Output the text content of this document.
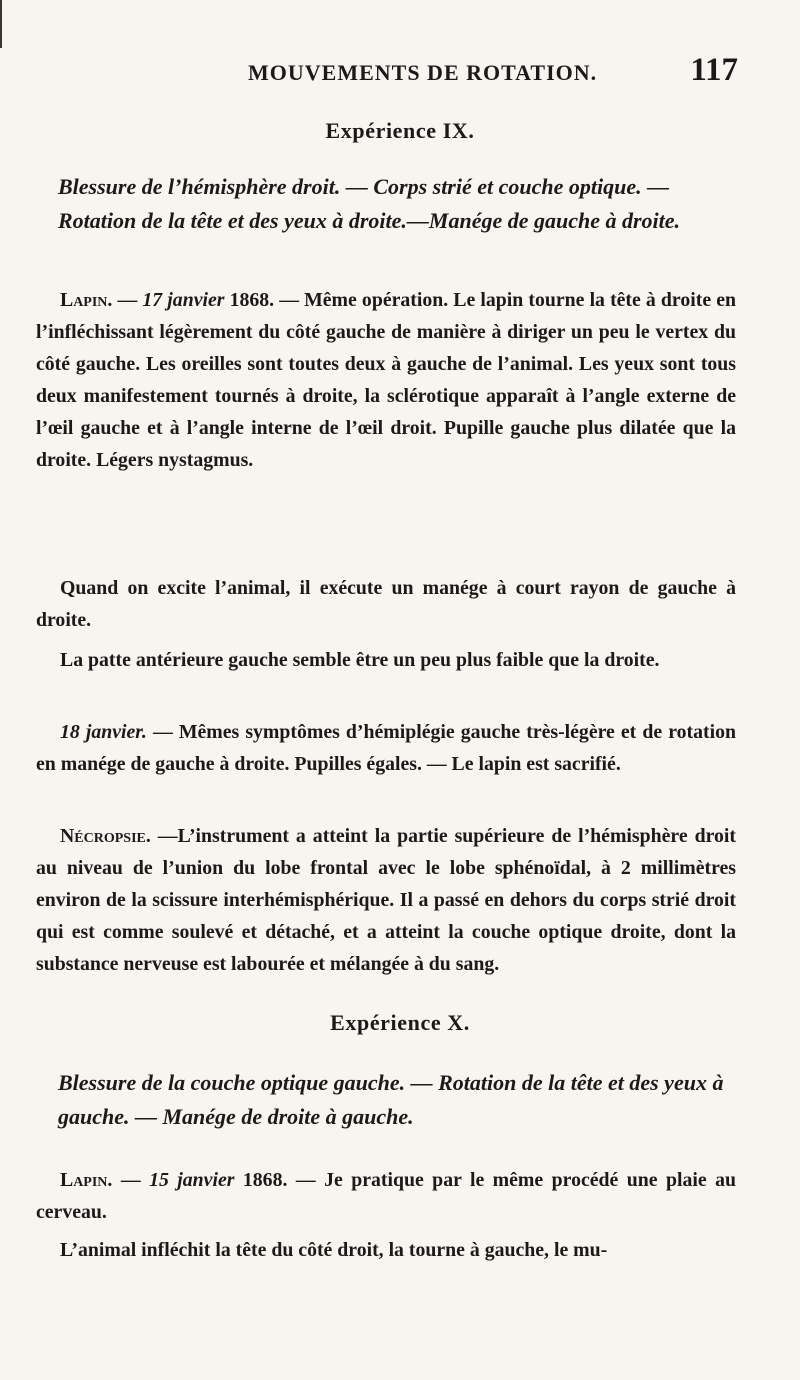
MOUVEMENTS DE ROTATION.	117
Expérience IX.
Blessure de l’hémisphère droit. — Corps strié et couche optique. — Rotation de la tête et des yeux à droite.—Manége de gauche à droite.
Lapin. — 17 janvier 1868. — Même opération. Le lapin tourne la tête à droite en l’infléchissant légèrement du côté gauche de manière à diriger un peu le vertex du côté gauche. Les oreilles sont toutes deux à gauche de l’animal. Les yeux sont tous deux manifestement tournés à droite, la sclérotique apparaît à l’angle externe de l’œil gauche et à l’angle interne de l’œil droit. Pupille gauche plus dilatée que la droite. Légers nystagmus.
Quand on excite l’animal, il exécute un manége à court rayon de gauche à droite.
La patte antérieure gauche semble être un peu plus faible que la droite.
18 janvier. — Mêmes symptômes d’hémiplégie gauche très-légère et de rotation en manége de gauche à droite. Pupilles égales. — Le lapin est sacrifié.
Nécropsie. —L’instrument a atteint la partie supérieure de l’hémisphère droit au niveau de l’union du lobe frontal avec le lobe sphénoïdal, à 2 millimètres environ de la scissure interhémisphérique. Il a passé en dehors du corps strié droit qui est comme soulevé et détaché, et a atteint la couche optique droite, dont la substance nerveuse est labourée et mélangée à du sang.
Expérience X.
Blessure de la couche optique gauche. — Rotation de la tête et des yeux à gauche. — Manége de droite à gauche.
Lapin. — 15 janvier 1868. — Je pratique par le même procédé une plaie au cerveau.
L’animal infléchit la tête du côté droit, la tourne à gauche, le mu-
